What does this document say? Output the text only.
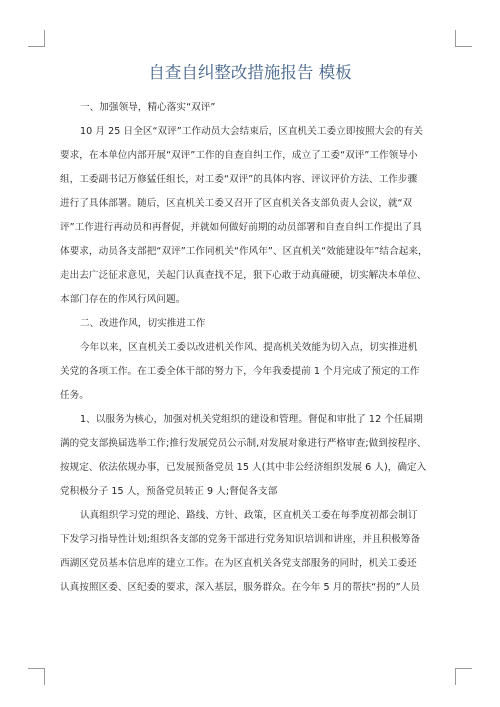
自查自纠整改措施报告 模板
一、加强领导，精心落实“双评”
10 月 25 日全区“双评”工作动员大会结束后，区直机关工委立即按照大会的有关
要求，在本单位内部开展“双评”工作的自查自纠工作，成立了工委“双评”工作领导小
组，工委副书记万修猛任组长，对工委“双评”的具体内容、评议评价方法、工作步骤
进行了具体部署。随后，区直机关工委又召开了区直机关各支部负责人会议，就“双
评”工作进行再动员和再督促，并就如何做好前期的动员部署和自查自纠工作提出了具
体要求，动员各支部把“双评”工作同机关“作风年”、区直机关“效能建设年”结合起来，
走出去广泛征求意见，关起门认真查找不足，狠下心敢于动真碰硬，切实解决本单位、
本部门存在的作风行风问题。
二、改进作风，切实推进工作
今年以来，区直机关工委以改进机关作风、提高机关效能为切入点，切实推进机
关党的各项工作。在工委全体干部的努力下，今年我委提前 1 个月完成了预定的工作
任务。
1、以服务为核心，加强对机关党组织的建设和管理。督促和审批了 12 个任届期
满的党支部换届选举工作;推行发展党员公示制,对发展对象进行严格审查;做到按程序、
按规定、依法依规办事，已发展预备党员 15 人(其中非公经济组织发展 6 人)，确定入
党积极分子 15 人，预备党员转正 9 人;督促各支部
认真组织学习党的理论、路线、方针、政策，区直机关工委在每季度初都会制订
下发学习指导性计划;组织各支部的党务干部进行党务知识培训和讲座，并且积极筹备
西湖区党员基本信息库的建立工作。在为区直机关各党支部服务的同时，机关工委还
认真按照区委、区纪委的要求，深入基层，服务群众。在今年 5 月的帮扶“拐的”人员
